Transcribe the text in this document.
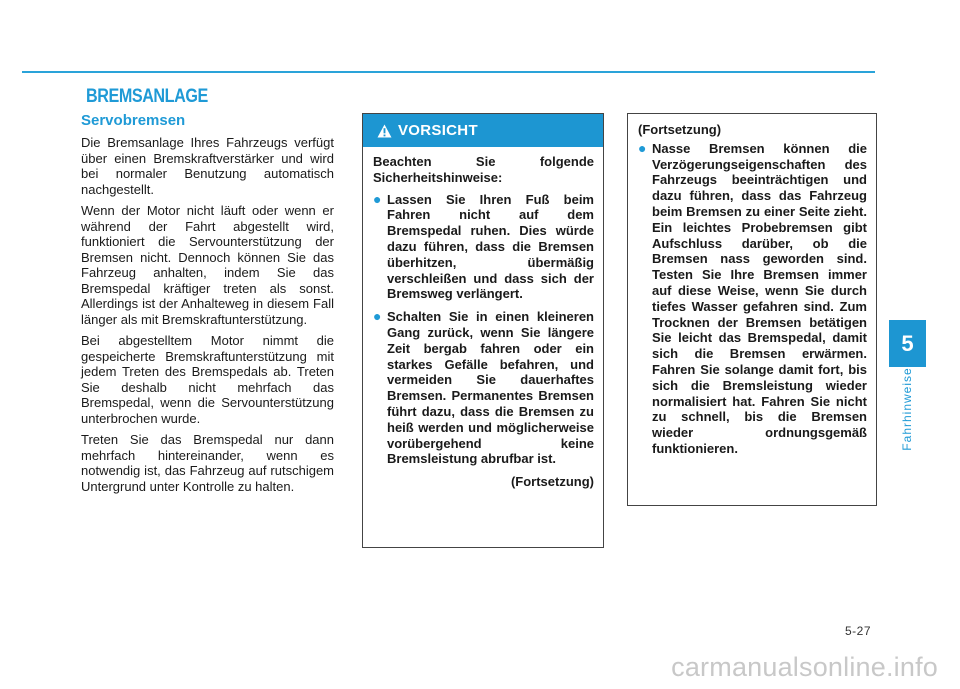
BREMSANLAGE
Servobremsen

Die Bremsanlage Ihres Fahrzeugs verfügt über einen Bremskraftverstärker und wird bei normaler Benutzung automatisch nachgestellt.

Wenn der Motor nicht läuft oder wenn er während der Fahrt abgestellt wird, funktioniert die Servounterstützung der Bremsen nicht. Dennoch können Sie das Fahrzeug anhalten, indem Sie das Bremspedal kräftiger treten als sonst. Allerdings ist der Anhalteweg in diesem Fall länger als mit Bremskraftunterstützung.

Bei abgestelltem Motor nimmt die gespeicherte Bremskraftunterstützung mit jedem Treten des Bremspedals ab. Treten Sie deshalb nicht mehrfach das Bremspedal, wenn die Servounterstützung unterbrochen wurde.

Treten Sie das Bremspedal nur dann mehrfach hintereinander, wenn es notwendig ist, das Fahrzeug auf rutschigem Untergrund unter Kontrolle zu halten.

VORSICHT

Beachten Sie folgende Sicherheitshinweise:

● Lassen Sie Ihren Fuß beim Fahren nicht auf dem Bremspedal ruhen. Dies würde dazu führen, dass die Bremsen überhitzen, übermäßig verschleißen und dass sich der Bremsweg verlängert.
● Schalten Sie in einen kleineren Gang zurück, wenn Sie längere Zeit bergab fahren oder ein starkes Gefälle befahren, und vermeiden Sie dauerhaftes Bremsen. Permanentes Bremsen führt dazu, dass die Bremsen zu heiß werden und möglicherweise vorübergehend keine Bremsleistung abrufbar ist.

(Fortsetzung)

(Fortsetzung)

● Nasse Bremsen können die Verzögerungseigenschaften des Fahrzeugs beeinträchtigen und dazu führen, dass das Fahrzeug beim Bremsen zu einer Seite zieht. Ein leichtes Probebremsen gibt Aufschluss darüber, ob die Bremsen nass geworden sind. Testen Sie Ihre Bremsen immer auf diese Weise, wenn Sie durch tiefes Wasser gefahren sind. Zum Trocknen der Bremsen betätigen Sie leicht das Bremspedal, damit sich die Bremsen erwärmen. Fahren Sie solange damit fort, bis sich die Bremsleistung wieder normalisiert hat. Fahren Sie nicht zu schnell, bis die Bremsen wieder ordnungsgemäß funktionieren.
5
Fahrhinweise
5-27
carmanualsonline.info
